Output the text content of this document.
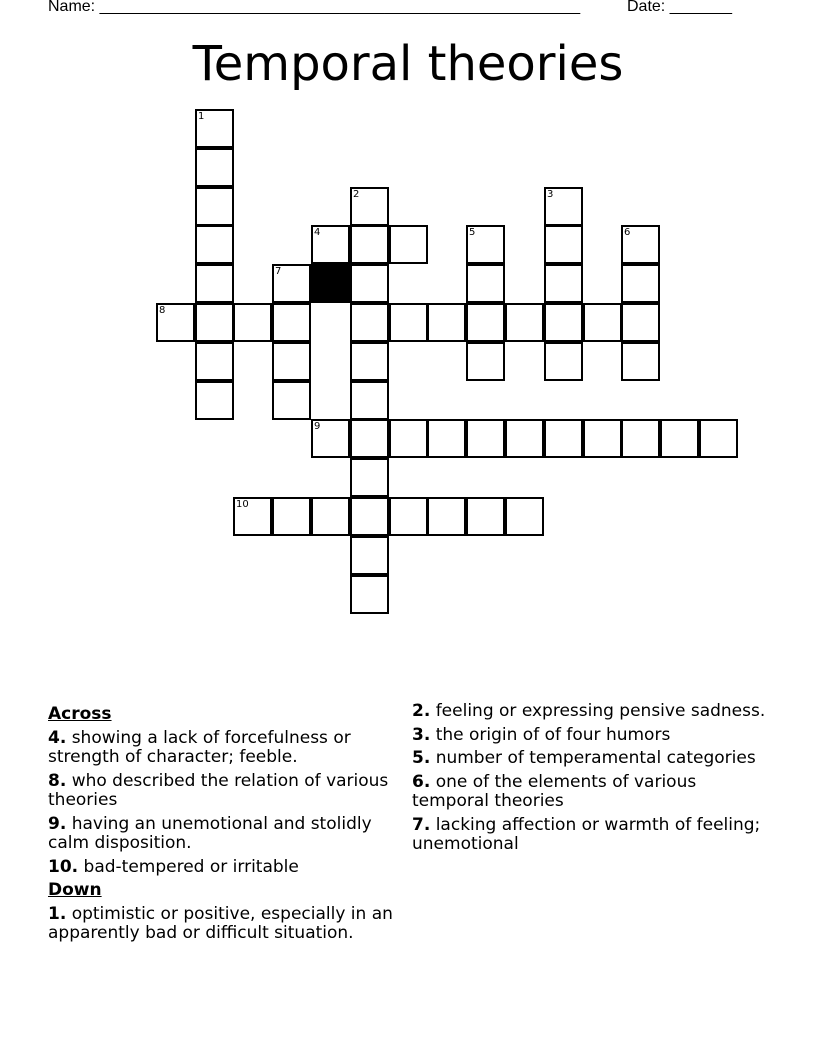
Name: ______________________________________________________	Date: _______
Temporal theories
1
2
4
3
5	6
7
8
9
10
Across
4. showing a lack of forcefulness or strength of character; feeble.
8. who described the relation of various theories
9. having an unemotional and stolidly calm disposition.
10. bad-tempered or irritable
Down
1. optimistic or positive, especially in an apparently bad or difficult situation.
2. feeling or expressing pensive sadness.
3. the origin of of four humors
5. number of temperamental categories
6. one of the elements of various temporal theories
7. lacking affection or warmth of feeling; unemotional
